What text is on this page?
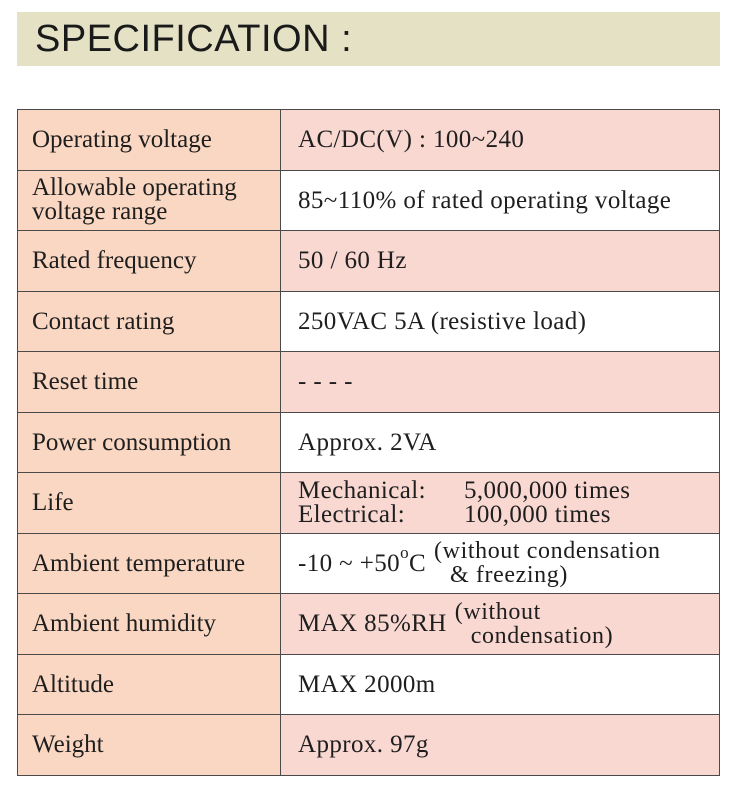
SPECIFICATION :
Operating voltage	AC/DC(V) : 100~240

Allowable operating
voltage range	85~110% of rated operating voltage
Rated frequency	50 / 60 Hz
Contact rating	250VAC 5A (resistive load)
Reset time	- - - -
Power consumption	Approx. 2VA
Life	Mechanical: 5,000,000 times
Electrical: 100,000 times

Ambient temperature	-10 ~ $+50^oC$ (without condensation
& freezing)

Ambient humidity	MAX 85%RH (without
condensation)

Altitude	MAX 2000m
Weight	Approx. 97g
